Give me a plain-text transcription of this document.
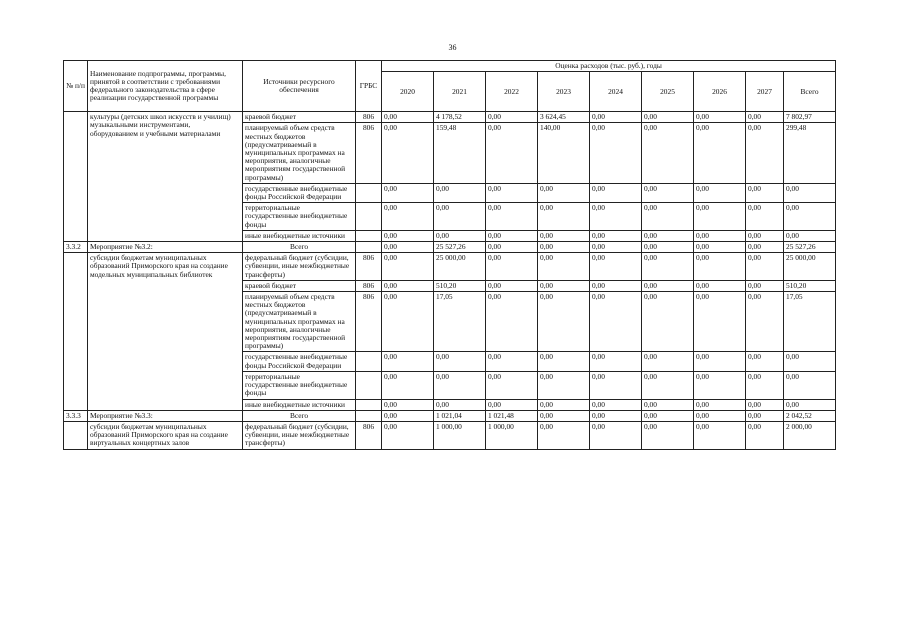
36
№ п/п	Наименование подпрограммы, программы, принятой в соответствии с требованиями федерального законодательства в сфере реализации государственной программы	Источники ресурсного обеспечения	ГРБС	Оценка расходов (тыс. руб.), годы								
				2020	2021	2022	2023	2024	2025	2026	2027	Всего
	культуры (детских школ искусств и училищ) музыкальными инструментами, оборудованием и учебными материалами	краевой бюджет	806	0,00	4 178,52	0,00	3 624,45	0,00	0,00	0,00	0,00	7 802,97
		планируемый объем средств местных бюджетов (предусматриваемый в муниципальных программах на мероприятия, аналогичные мероприятиям государственной программы)	806	0,00	159,48	0,00	140,00	0,00	0,00	0,00	0,00	299,48
		государственные внебюджетные фонды Российской Федерации		0,00	0,00	0,00	0,00	0,00	0,00	0,00	0,00	0,00
		территориальные государственные внебюджетные фонды		0,00	0,00	0,00	0,00	0,00	0,00	0,00	0,00	0,00
		иные внебюджетные источники		0,00	0,00	0,00	0,00	0,00	0,00	0,00	0,00	0,00
3.3.2	Мероприятие №3.2:	Всего		0,00	25 527,26	0,00	0,00	0,00	0,00	0,00	0,00	25 527,26
	субсидии бюджетам муниципальных образований Приморского края на создание модельных муниципальных библиотек	федеральный бюджет (субсидии, субвенции, иные межбюджетные трансферты)	806	0,00	25 000,00	0,00	0,00	0,00	0,00	0,00	0,00	25 000,00
		краевой бюджет	806	0,00	510,20	0,00	0,00	0,00	0,00	0,00	0,00	510,20
		планируемый объем средств местных бюджетов (предусматриваемый в муниципальных программах на мероприятия, аналогичные мероприятиям государственной программы)	806	0,00	17,05	0,00	0,00	0,00	0,00	0,00	0,00	17,05
		государственные внебюджетные фонды Российской Федерации		0,00	0,00	0,00	0,00	0,00	0,00	0,00	0,00	0,00
		территориальные государственные внебюджетные фонды		0,00	0,00	0,00	0,00	0,00	0,00	0,00	0,00	0,00
		иные внебюджетные источники		0,00	0,00	0,00	0,00	0,00	0,00	0,00	0,00	0,00
3.3.3	Мероприятие №3.3:	Всего		0,00	1 021,04	1 021,48	0,00	0,00	0,00	0,00	0,00	2 042,52
	субсидии бюджетам муниципальных образований Приморского края на создание виртуальных концертных залов	федеральный бюджет (субсидии, субвенции, иные межбюджетные трансферты)	806	0,00	1 000,00	1 000,00	0,00	0,00	0,00	0,00	0,00	2 000,00
